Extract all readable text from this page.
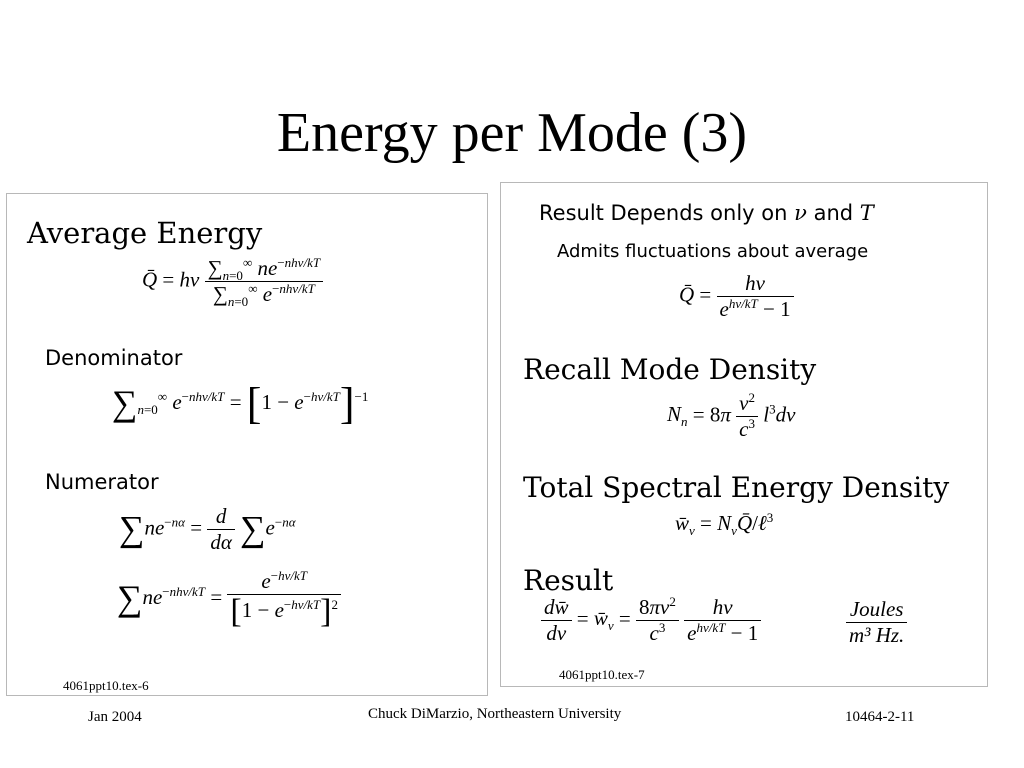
Energy per Mode (3)
Average Energy
Q̄ = hν $\frac{\sum_{n=0}^\infty ne^{-nh\nu/kT}}{\sum_{n=0}^\infty e^{-nh\nu/kT}}$
Denominator
$\sum_{n=0}^\infty$ $e^{-nh\nu/kT} = [1 - e^{-h\nu/kT}]^{-1}$
Numerator
$\sum ne^{-n\alpha} = \frac{d}{d\alpha} \sum e^{-n\alpha}$
$\sum ne^{-nh\nu/kT} = \frac{e^{-h\nu/kT}}{[1 - e^{-h\nu/kT}]^2}$
4061ppt10.tex-6
Result Depends only on ν and T
Admits fluctuations about average
Q̄ = $\frac{h\nu}{e^{h\nu/kT} - 1}$
Recall Mode Density
$N_n = 8\pi \frac{\nu^2}{c^3} l^3d\nu$
Total Spectral Energy Density
$w̄_\nu$ = $N_\nu Q̄/\ell^3$
Result
$\frac{dw̄}{d\nu}$ = $w̄_\nu = \frac{8\pi\nu^2}{c^3}$
$\frac{h\nu}{e^{h\nu/kT} - 1}$	$\frac{\text{Joules}}{\text{m³ Hz.}}$
4061ppt10.tex-7
Jan 2004	Chuck DiMarzio, Northeastern University	10464-2-11
